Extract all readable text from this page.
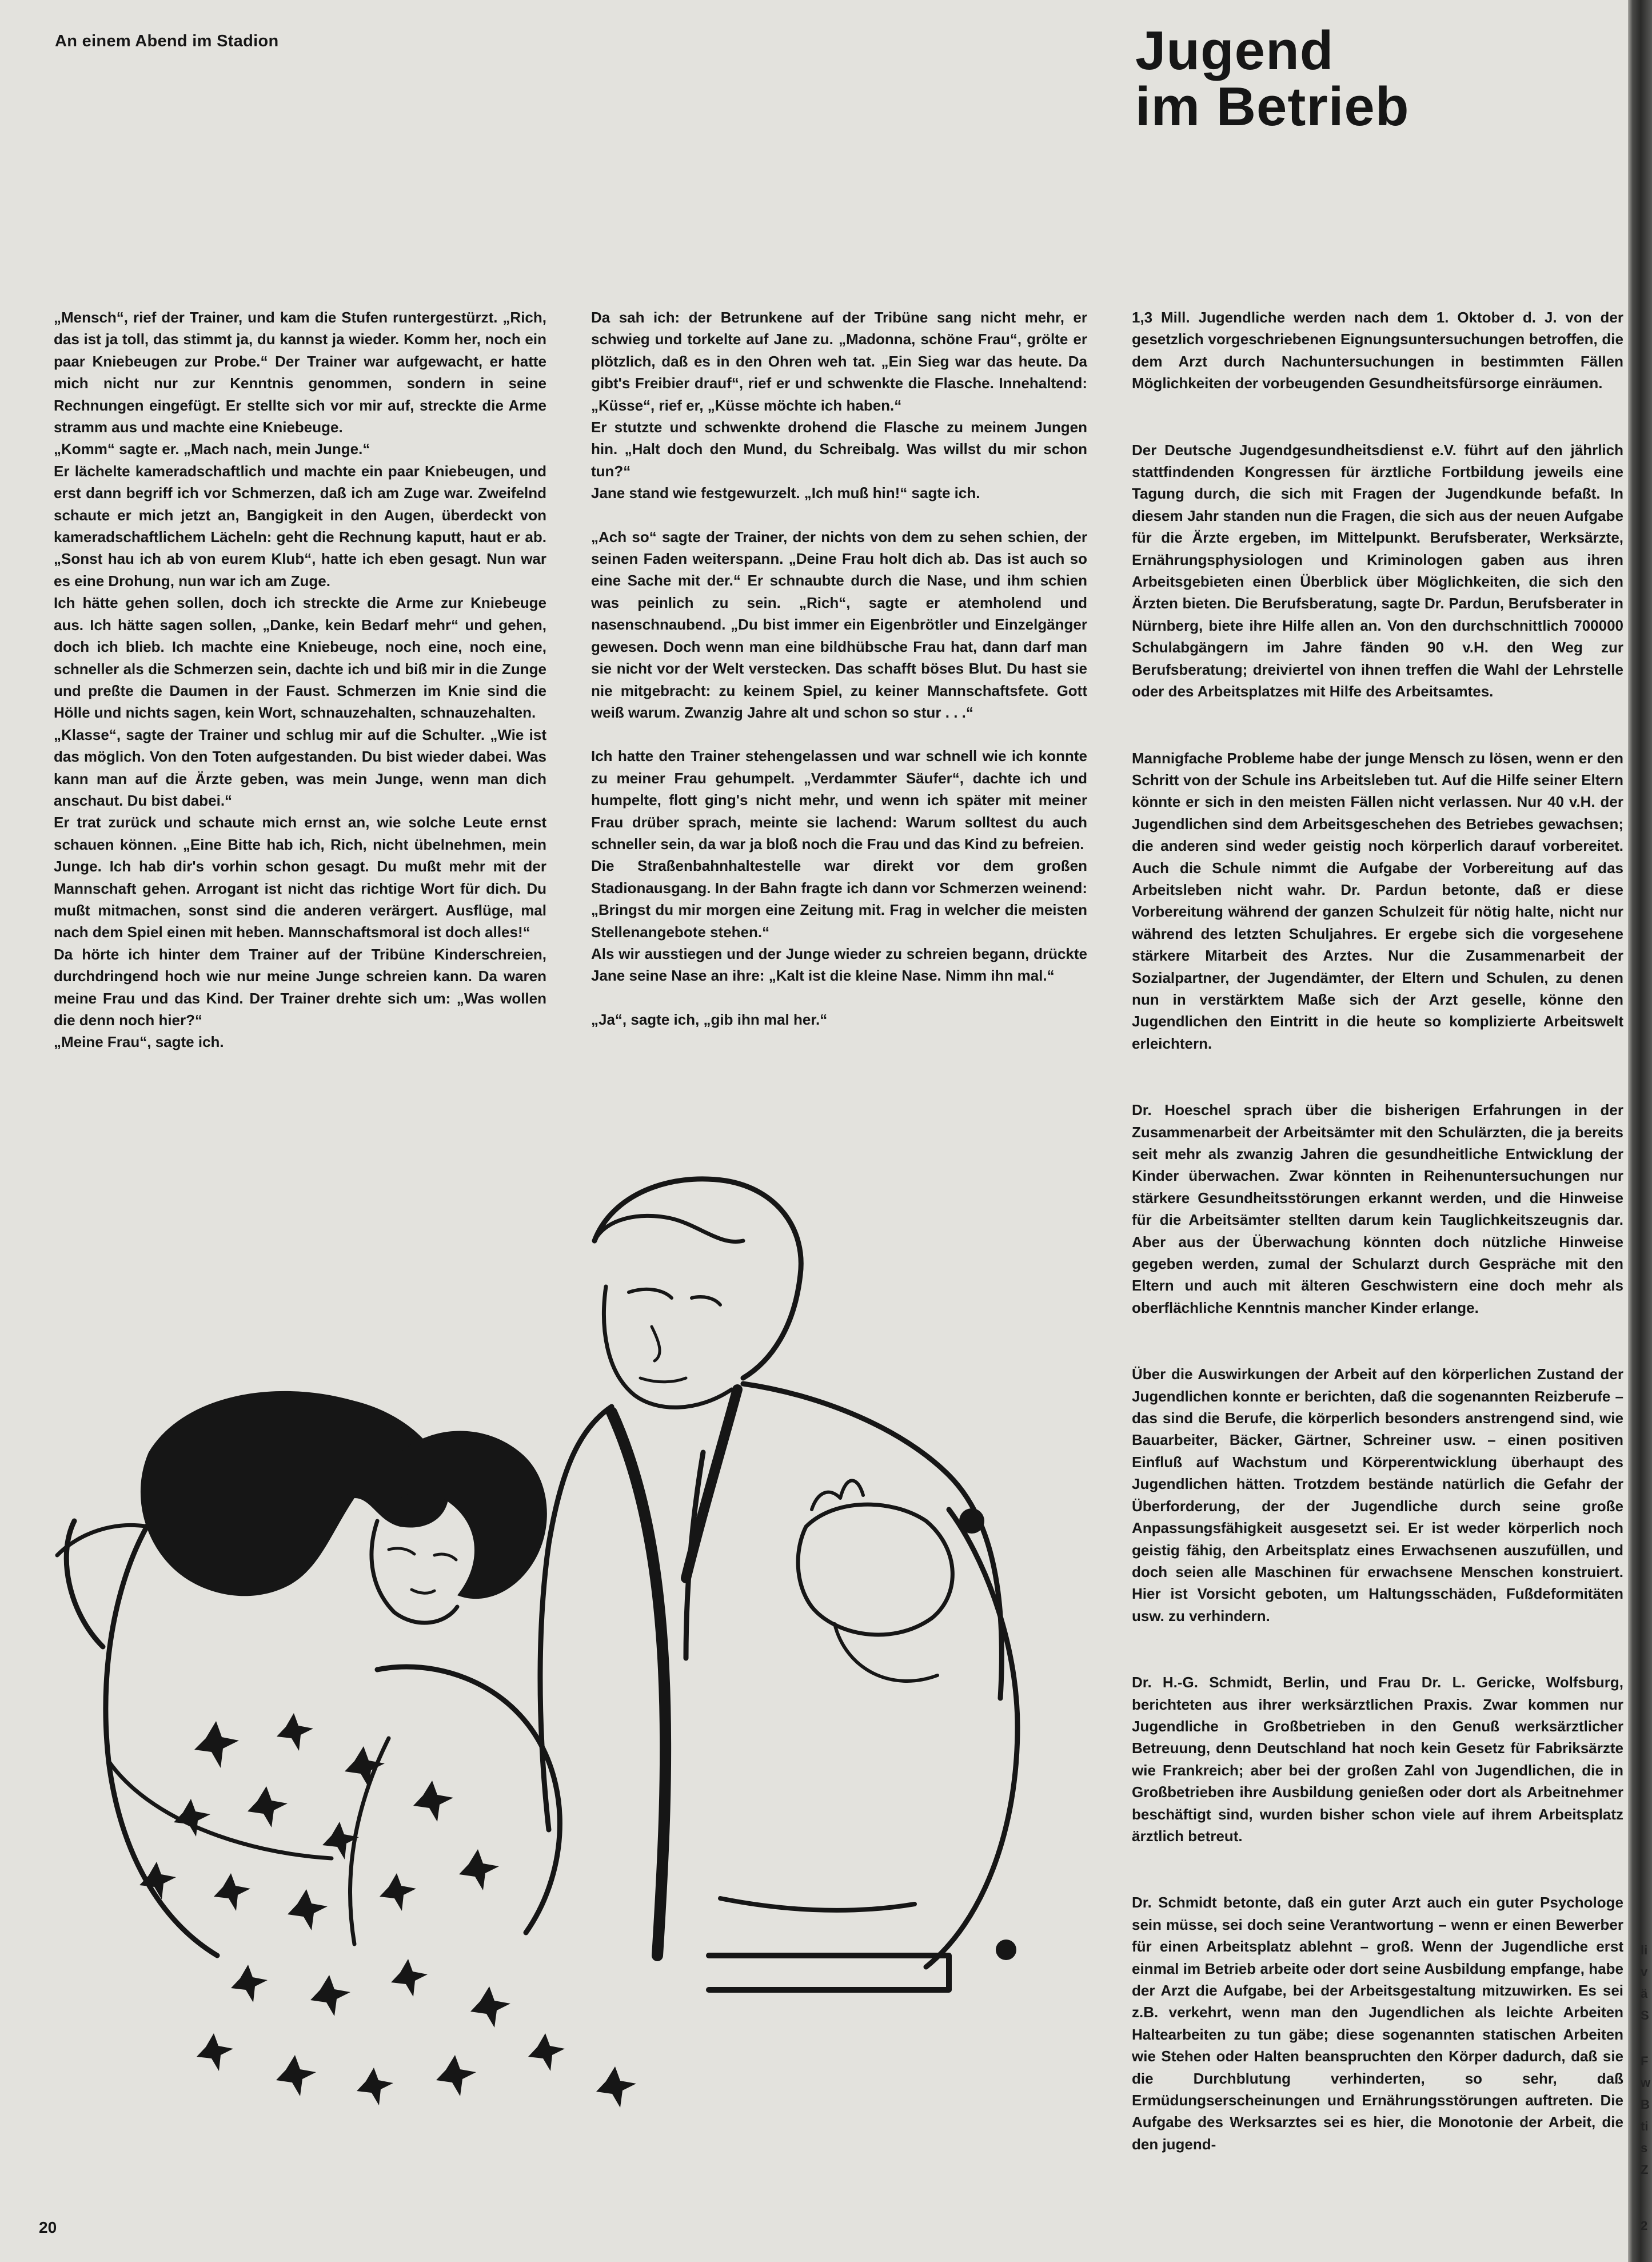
An einem Abend im Stadion	Jugend
im Betrieb

„Mensch“, rief der Trainer, und kam die Stufen runtergestürzt. „Rich, das ist ja toll, das stimmt ja, du kannst ja wieder. Komm her, noch ein paar Kniebeugen zur Probe.“ Der Trainer war aufgewacht, er hatte mich nicht nur zur Kenntnis genommen, sondern in seine Rechnungen eingefügt. Er stellte sich vor mir auf, streckte die Arme stramm aus und machte eine Kniebeuge.

„Komm“ sagte er. „Mach nach, mein Junge.“

Er lächelte kameradschaftlich und machte ein paar Kniebeugen, und erst dann begriff ich vor Schmerzen, daß ich am Zuge war. Zweifelnd schaute er mich jetzt an, Bangigkeit in den Augen, überdeckt von kameradschaftlichem Lächeln: geht die Rechnung kaputt, haut er ab. „Sonst hau ich ab von eurem Klub“, hatte ich eben gesagt. Nun war es eine Drohung, nun war ich am Zuge.

Ich hätte gehen sollen, doch ich streckte die Arme zur Kniebeuge aus. Ich hätte sagen sollen, „Danke, kein Bedarf mehr“ und gehen, doch ich blieb. Ich machte eine Kniebeuge, noch eine, noch eine, schneller als die Schmerzen sein, dachte ich und biß mir in die Zunge und preßte die Daumen in der Faust. Schmerzen im Knie sind die Hölle und nichts sagen, kein Wort, schnauzehalten, schnauzehalten.

„Klasse“, sagte der Trainer und schlug mir auf die Schulter. „Wie ist das möglich. Von den Toten aufgestanden. Du bist wieder dabei. Was kann man auf die Ärzte geben, was mein Junge, wenn man dich anschaut. Du bist dabei.“

Er trat zurück und schaute mich ernst an, wie solche Leute ernst schauen können. „Eine Bitte hab ich, Rich, nicht übelnehmen, mein Junge. Ich hab dir's vorhin schon gesagt. Du mußt mehr mit der Mannschaft gehen. Arrogant ist nicht das richtige Wort für dich. Du mußt mitmachen, sonst sind die anderen verärgert. Ausflüge, mal nach dem Spiel einen mit heben. Mannschaftsmoral ist doch alles!“

Da hörte ich hinter dem Trainer auf der Tribüne Kinderschreien, durchdringend hoch wie nur meine Junge schreien kann. Da waren meine Frau und das Kind. Der Trainer drehte sich um: „Was wollen die denn noch hier?“

„Meine Frau“, sagte ich.

Da sah ich: der Betrunkene auf der Tribüne sang nicht mehr, er schwieg und torkelte auf Jane zu. „Madonna, schöne Frau“, grölte er plötzlich, daß es in den Ohren weh tat. „Ein Sieg war das heute. Da gibt's Freibier drauf“, rief er und schwenkte die Flasche. Innehaltend: „Küsse“, rief er, „Küsse möchte ich haben.“

Er stutzte und schwenkte drohend die Flasche zu meinem Jungen hin. „Halt doch den Mund, du Schreibalg. Was willst du mir schon tun?“

Jane stand wie festgewurzelt. „Ich muß hin!“ sagte ich.

„Ach so“ sagte der Trainer, der nichts von dem zu sehen schien, der seinen Faden weiterspann. „Deine Frau holt dich ab. Das ist auch so eine Sache mit der.“ Er schnaubte durch die Nase, und ihm schien was peinlich zu sein. „Rich“, sagte er atemholend und nasenschnaubend. „Du bist immer ein Eigenbrötler und Einzelgänger gewesen. Doch wenn man eine bildhübsche Frau hat, dann darf man sie nicht vor der Welt verstecken. Das schafft böses Blut. Du hast sie nie mitgebracht: zu keinem Spiel, zu keiner Mannschaftsfete. Gott weiß warum. Zwanzig Jahre alt und schon so stur . . .“

Ich hatte den Trainer stehengelassen und war schnell wie ich konnte zu meiner Frau gehumpelt. „Verdammter Säufer“, dachte ich und humpelte, flott ging's nicht mehr, und wenn ich später mit meiner Frau drüber sprach, meinte sie lachend: Warum solltest du auch schneller sein, da war ja bloß noch die Frau und das Kind zu befreien.

Die Straßenbahnhaltestelle war direkt vor dem großen Stadionausgang. In der Bahn fragte ich dann vor Schmerzen weinend: „Bringst du mir morgen eine Zeitung mit. Frag in welcher die meisten Stellenangebote stehen.“

Als wir ausstiegen und der Junge wieder zu schreien begann, drückte Jane seine Nase an ihre: „Kalt ist die kleine Nase. Nimm ihn mal.“

„Ja“, sagte ich, „gib ihn mal her.“

1,3 Mill. Jugendliche werden nach dem 1. Oktober d. J. von der gesetzlich vorgeschriebenen Eignungsuntersuchungen betroffen, die dem Arzt durch Nachuntersuchungen in bestimmten Fällen Möglichkeiten der vorbeugenden Gesundheitsfürsorge einräumen.

Der Deutsche Jugendgesundheitsdienst e.V. führt auf den jährlich stattfindenden Kongressen für ärztliche Fortbildung jeweils eine Tagung durch, die sich mit Fragen der Jugendkunde befaßt. In diesem Jahr standen nun die Fragen, die sich aus der neuen Aufgabe für die Ärzte ergeben, im Mittelpunkt. Berufsberater, Werksärzte, Ernährungsphysiologen und Kriminologen gaben aus ihren Arbeitsgebieten einen Überblick über Möglichkeiten, die sich den Ärzten bieten. Die Berufsberatung, sagte Dr. Pardun, Berufsberater in Nürnberg, biete ihre Hilfe allen an. Von den durchschnittlich 700000 Schulabgängern im Jahre fänden 90 v.H. den Weg zur Berufsberatung; dreiviertel von ihnen treffen die Wahl der Lehrstelle oder des Arbeitsplatzes mit Hilfe des Arbeitsamtes.

Mannigfache Probleme habe der junge Mensch zu lösen, wenn er den Schritt von der Schule ins Arbeitsleben tut. Auf die Hilfe seiner Eltern könnte er sich in den meisten Fällen nicht verlassen. Nur 40 v.H. der Jugendlichen sind dem Arbeitsgeschehen des Betriebes gewachsen; die anderen sind weder geistig noch körperlich darauf vorbereitet. Auch die Schule nimmt die Aufgabe der Vorbereitung auf das Arbeitsleben nicht wahr. Dr. Pardun betonte, daß er diese Vorbereitung während der ganzen Schulzeit für nötig halte, nicht nur während des letzten Schuljahres. Er ergebe sich die vorgesehene stärkere Mitarbeit des Arztes. Nur die Zusammenarbeit der Sozialpartner, der Jugendämter, der Eltern und Schulen, zu denen nun in verstärktem Maße sich der Arzt geselle, könne den Jugendlichen den Eintritt in die heute so komplizierte Arbeitswelt erleichtern.

Dr. Hoeschel sprach über die bisherigen Erfahrungen in der Zusammenarbeit der Arbeitsämter mit den Schulärzten, die ja bereits seit mehr als zwanzig Jahren die gesundheitliche Entwicklung der Kinder überwachen. Zwar könnten in Reihenuntersuchungen nur stärkere Gesundheitsstörungen erkannt werden, und die Hinweise für die Arbeitsämter stellten darum kein Tauglichkeitszeugnis dar. Aber aus der Überwachung könnten doch nützliche Hinweise gegeben werden, zumal der Schularzt durch Gespräche mit den Eltern und auch mit älteren Geschwistern eine doch mehr als oberflächliche Kenntnis mancher Kinder erlange.

Über die Auswirkungen der Arbeit auf den körperlichen Zustand der Jugendlichen konnte er berichten, daß die sogenannten Reizberufe – das sind die Berufe, die körperlich besonders anstrengend sind, wie Bauarbeiter, Bäcker, Gärtner, Schreiner usw. – einen positiven Einfluß auf Wachstum und Körperentwicklung überhaupt des Jugendlichen hätten. Trotzdem bestände natürlich die Gefahr der Überforderung, der der Jugendliche durch seine große Anpassungsfähigkeit ausgesetzt sei. Er ist weder körperlich noch geistig fähig, den Arbeitsplatz eines Erwachsenen auszufüllen, und doch seien alle Maschinen für erwachsene Menschen konstruiert. Hier ist Vorsicht geboten, um Haltungsschäden, Fußdeformitäten usw. zu verhindern.

Dr. H.-G. Schmidt, Berlin, und Frau Dr. L. Gericke, Wolfsburg, berichteten aus ihrer werksärztlichen Praxis. Zwar kommen nur Jugendliche in Großbetrieben in den Genuß werksärztlicher Betreuung, denn Deutschland hat noch kein Gesetz für Fabriksärzte wie Frankreich; aber bei der großen Zahl von Jugendlichen, die in Großbetrieben ihre Ausbildung genießen oder dort als Arbeitnehmer beschäftigt sind, wurden bisher schon viele auf ihrem Arbeitsplatz ärztlich betreut.

Dr. Schmidt betonte, daß ein guter Arzt auch ein guter Psychologe sein müsse, sei doch seine Verantwortung – wenn er einen Bewerber für einen Arbeitsplatz ablehnt – groß. Wenn der Jugendliche erst einmal im Betrieb arbeite oder dort seine Ausbildung empfange, habe der Arzt die Aufgabe, bei der Arbeitsgestaltung mitzuwirken. Es sei z.B. verkehrt, wenn man den Jugendlichen als leichte Arbeiten Haltearbeiten zu tun gäbe; diese sogenannten statischen Arbeiten wie Stehen oder Halten beanspruchten den Körper dadurch, daß sie die Durchblutung verhinderten, so sehr, daß Ermüdungserscheinungen und Ernährungsstörungen auftreten. Die Aufgabe des Werksarztes sei es hier, die Monotonie der Arbeit, die den jugend-

20
li
v
ä
S
F
w
B
ti
s
Z
2
